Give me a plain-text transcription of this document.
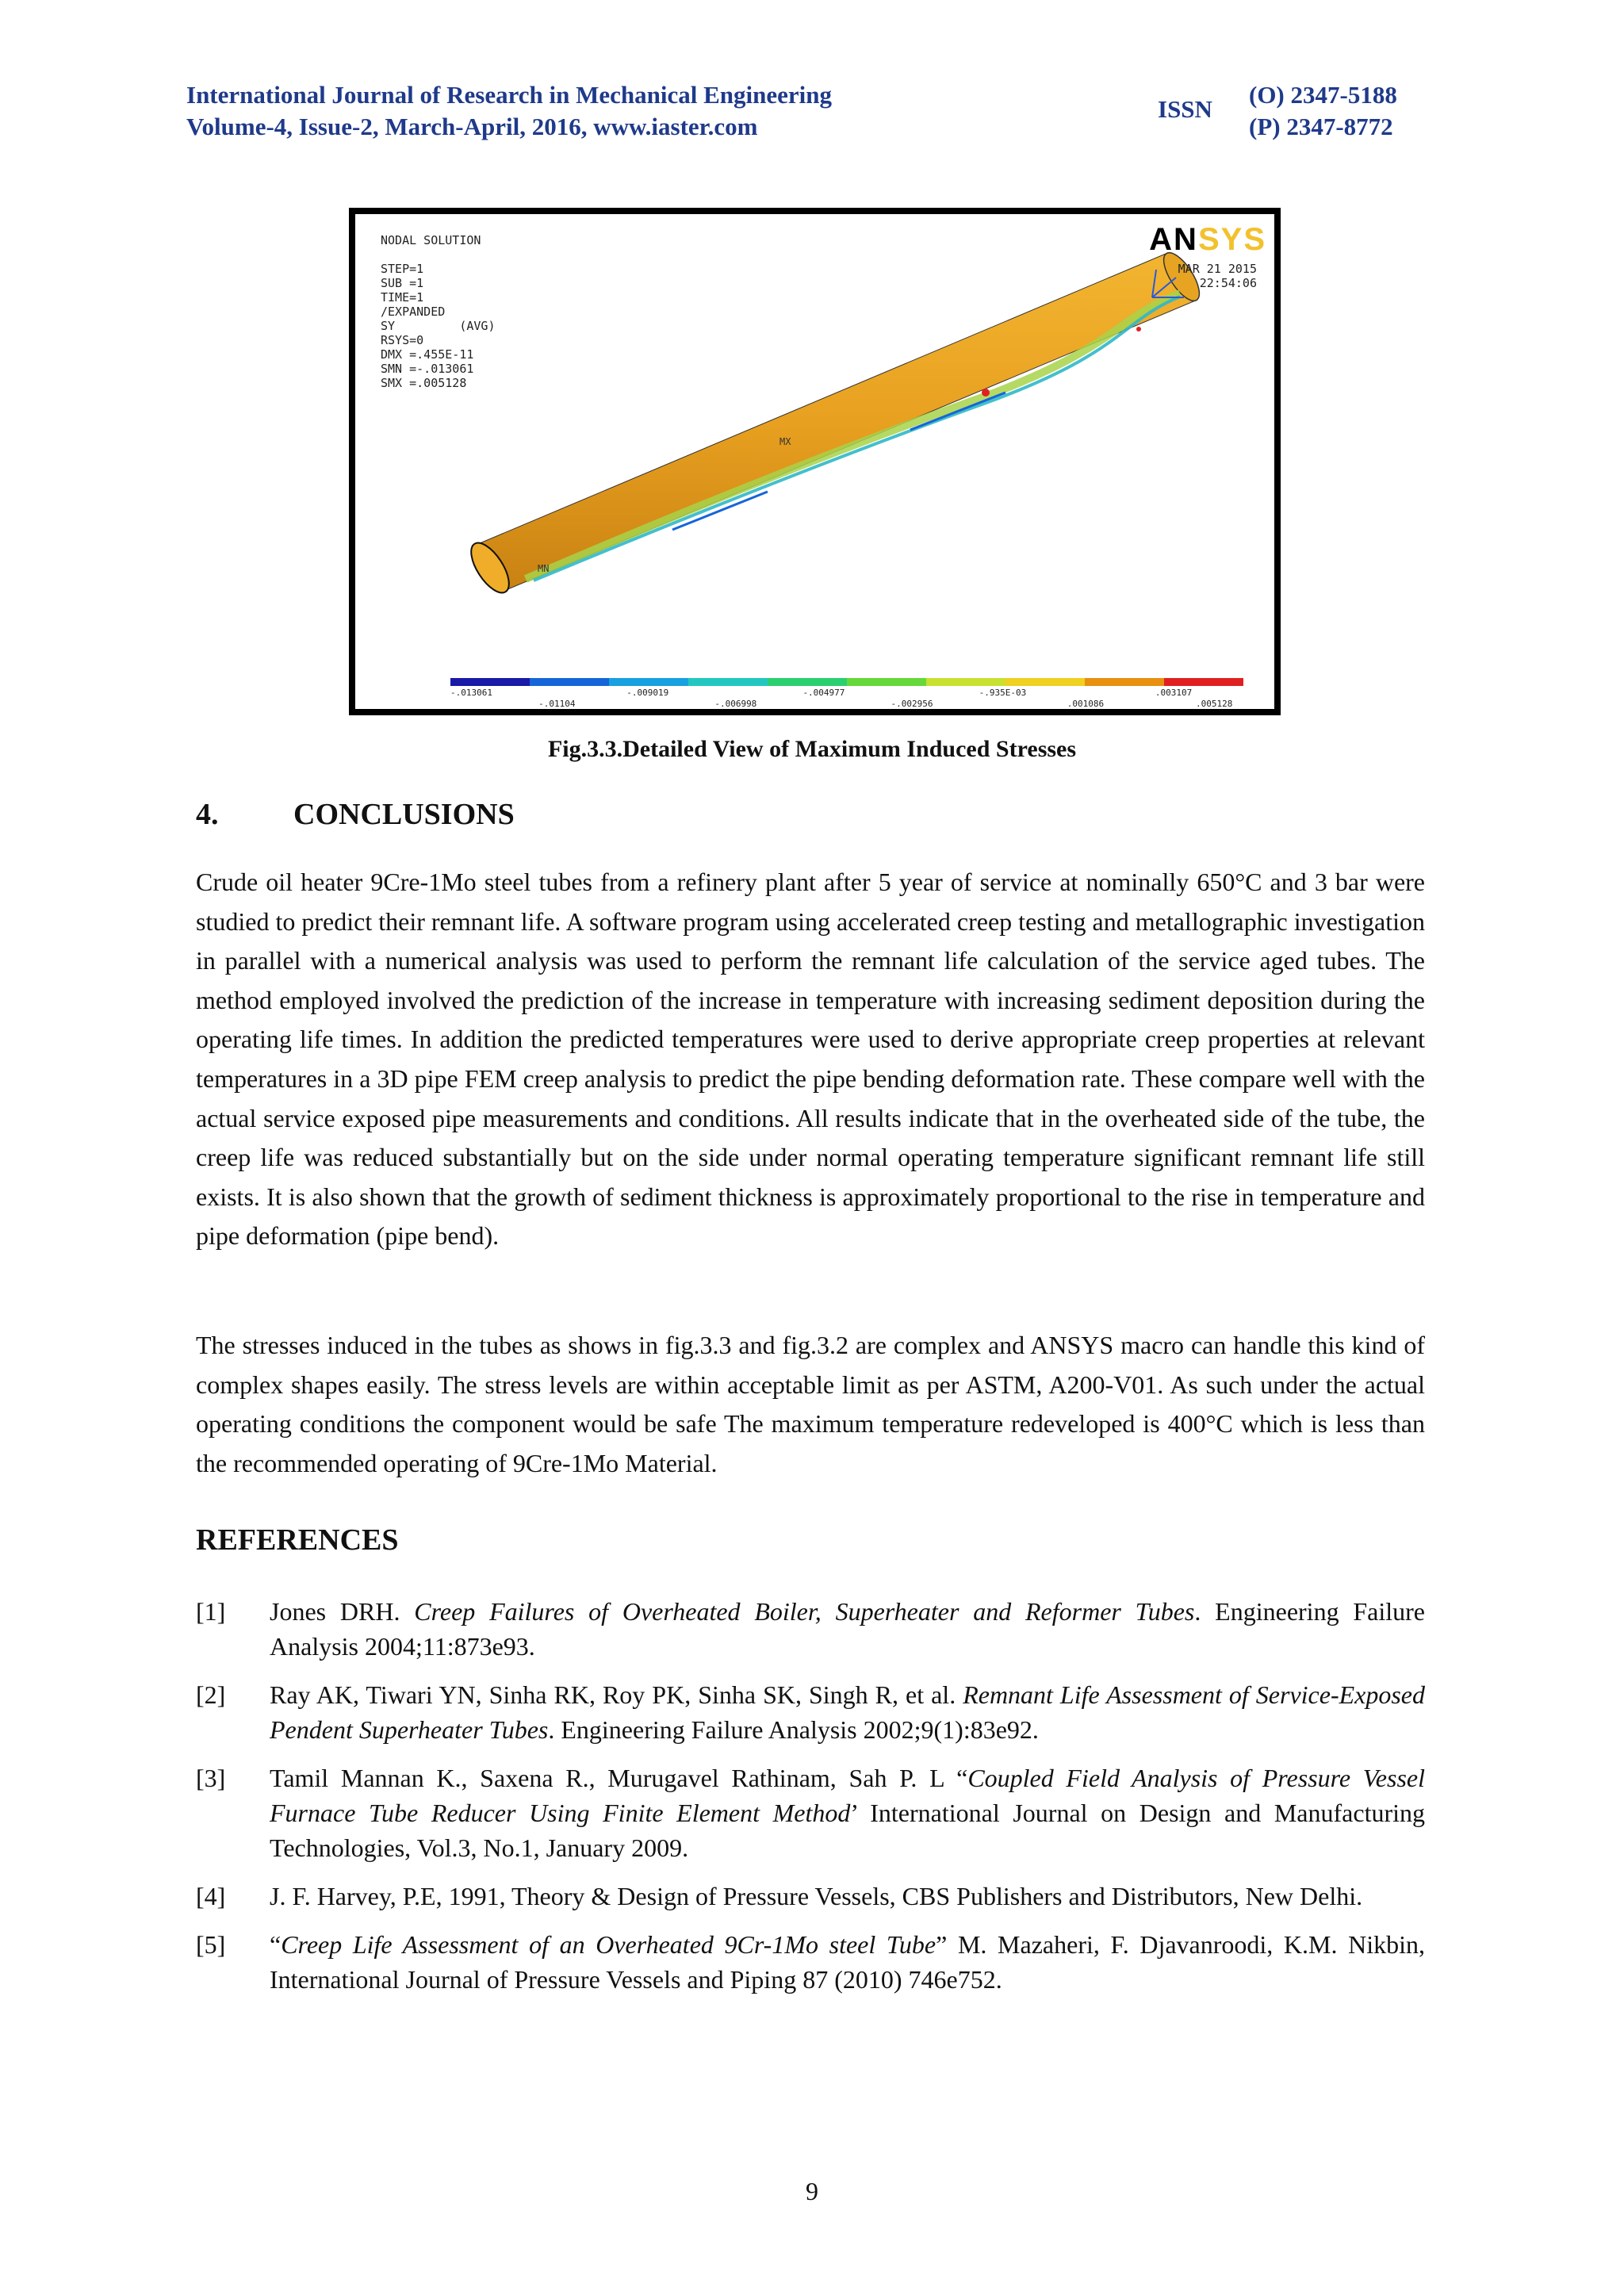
International Journal of Research in Mechanical Engineering
Volume-4, Issue-2, March-April, 2016, www.iaster.com
ISSN
(O) 2347-5188
(P) 2347-8772
NODAL SOLUTION

STEP=1
SUB =1
TIME=1
/EXPANDED
SY         (AVG)
RSYS=0
DMX =.455E-11
SMN =-.013061
SMX =.005128
ANSYS
MAR 21 2015
22:54:06
MX
MN
-.013061	-.009019	-.004977	-.935E-03	.003107
-.01104	-.006998	-.002956	.001086	.005128
Fig.3.3.Detailed View of Maximum Induced Stresses
4. CONCLUSIONS
Crude oil heater 9Cre-1Mo steel tubes from a refinery plant after 5 year of service at nominally 650°C and 3 bar were studied to predict their remnant life. A software program using accelerated creep testing and metallographic investigation in parallel with a numerical analysis was used to perform the remnant life calculation of the service aged tubes. The method employed involved the prediction of the increase in temperature with increasing sediment deposition during the operating life times. In addition the predicted temperatures were used to derive appropriate creep properties at relevant temperatures in a 3D pipe FEM creep analysis to predict the pipe bending deformation rate. These compare well with the actual service exposed pipe measurements and conditions. All results indicate that in the overheated side of the tube, the creep life was reduced substantially but on the side under normal operating temperature significant remnant life still exists. It is also shown that the growth of sediment thickness is approximately proportional to the rise in temperature and pipe deformation (pipe bend).
The stresses induced in the tubes as shows in fig.3.3 and fig.3.2 are complex and ANSYS macro can handle this kind of complex shapes easily. The stress levels are within acceptable limit as per ASTM, A200-V01. As such under the actual operating conditions the component would be safe The maximum temperature redeveloped is 400°C which is less than the recommended operating of 9Cre-1Mo Material.
REFERENCES
[1]	Jones DRH. Creep Failures of Overheated Boiler, Superheater and Reformer Tubes. Engineering Failure Analysis 2004;11:873e93.
[2]	Ray AK, Tiwari YN, Sinha RK, Roy PK, Sinha SK, Singh R, et al. Remnant Life Assessment of Service-Exposed Pendent Superheater Tubes. Engineering Failure Analysis 2002;9(1):83e92.
[3]	Tamil Mannan K., Saxena R., Murugavel Rathinam, Sah P. L “Coupled Field Analysis of Pressure Vessel Furnace Tube Reducer Using Finite Element Method’ International Journal on Design and Manufacturing Technologies, Vol.3, No.1, January 2009.
[4]	J. F. Harvey, P.E, 1991, Theory & Design of Pressure Vessels, CBS Publishers and Distributors, New Delhi.
[5]	“Creep Life Assessment of an Overheated 9Cr-1Mo steel Tube” M. Mazaheri, F. Djavanroodi, K.M. Nikbin, International Journal of Pressure Vessels and Piping 87 (2010) 746e752.
9
